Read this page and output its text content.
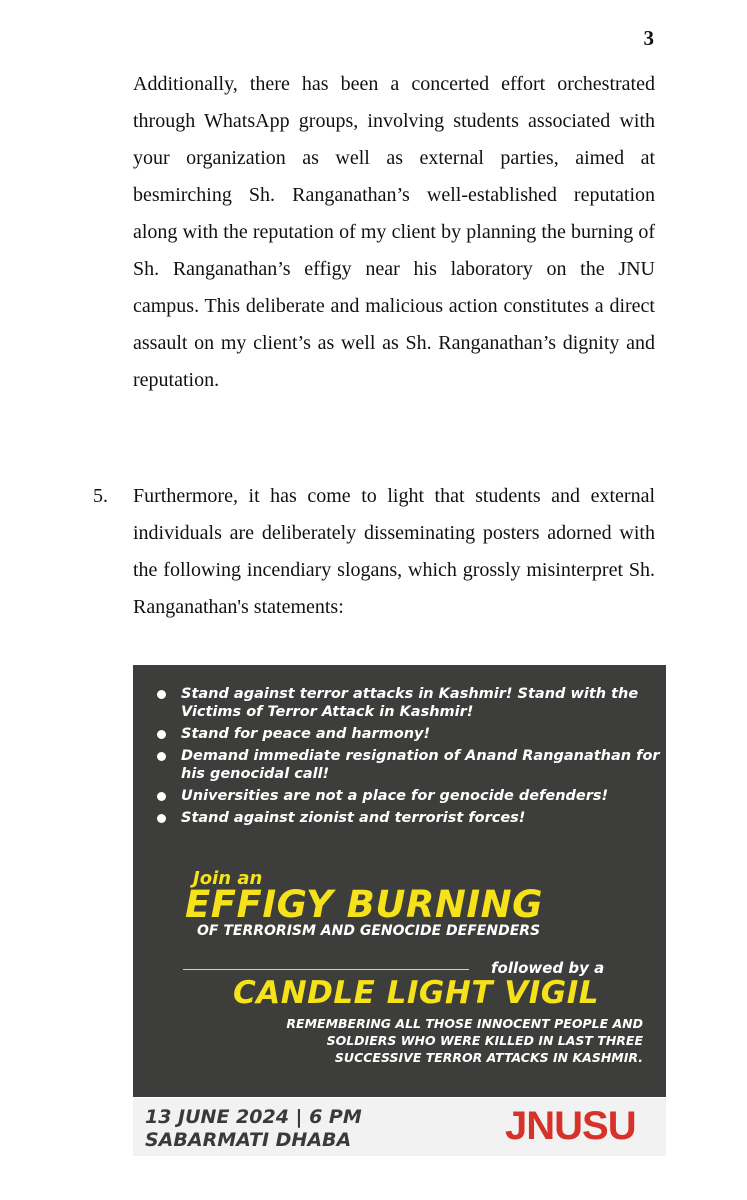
3
Additionally, there has been a concerted effort orchestrated through WhatsApp groups, involving students associated with your organization as well as external parties, aimed at besmirching Sh. Ranganathan’s well-established reputation along with the reputation of my client by planning the burning of Sh. Ranganathan’s effigy near his laboratory on the JNU campus. This deliberate and malicious action constitutes a direct assault on my client’s as well as Sh. Ranganathan’s dignity and reputation.
5. Furthermore, it has come to light that students and external individuals are deliberately disseminating posters adorned with the following incendiary slogans, which grossly misinterpret Sh. Ranganathan's statements:
Stand against terror attacks in Kashmir! Stand with the Victims of Terror Attack in Kashmir!
Stand for peace and harmony!
Demand immediate resignation of Anand Ranganathan for his genocidal call!
Universities are not a place for genocide defenders!
Stand against zionist and terrorist forces!
Join an
EFFIGY BURNING
OF TERRORISM AND GENOCIDE DEFENDERS
followed by a
CANDLE LIGHT VIGIL
REMEMBERING ALL THOSE INNOCENT PEOPLE AND SOLDIERS WHO WERE KILLED IN LAST THREE SUCCESSIVE TERROR ATTACKS IN KASHMIR.
13 JUNE 2024 | 6 PM
SABARMATI DHABA	JNUSU
